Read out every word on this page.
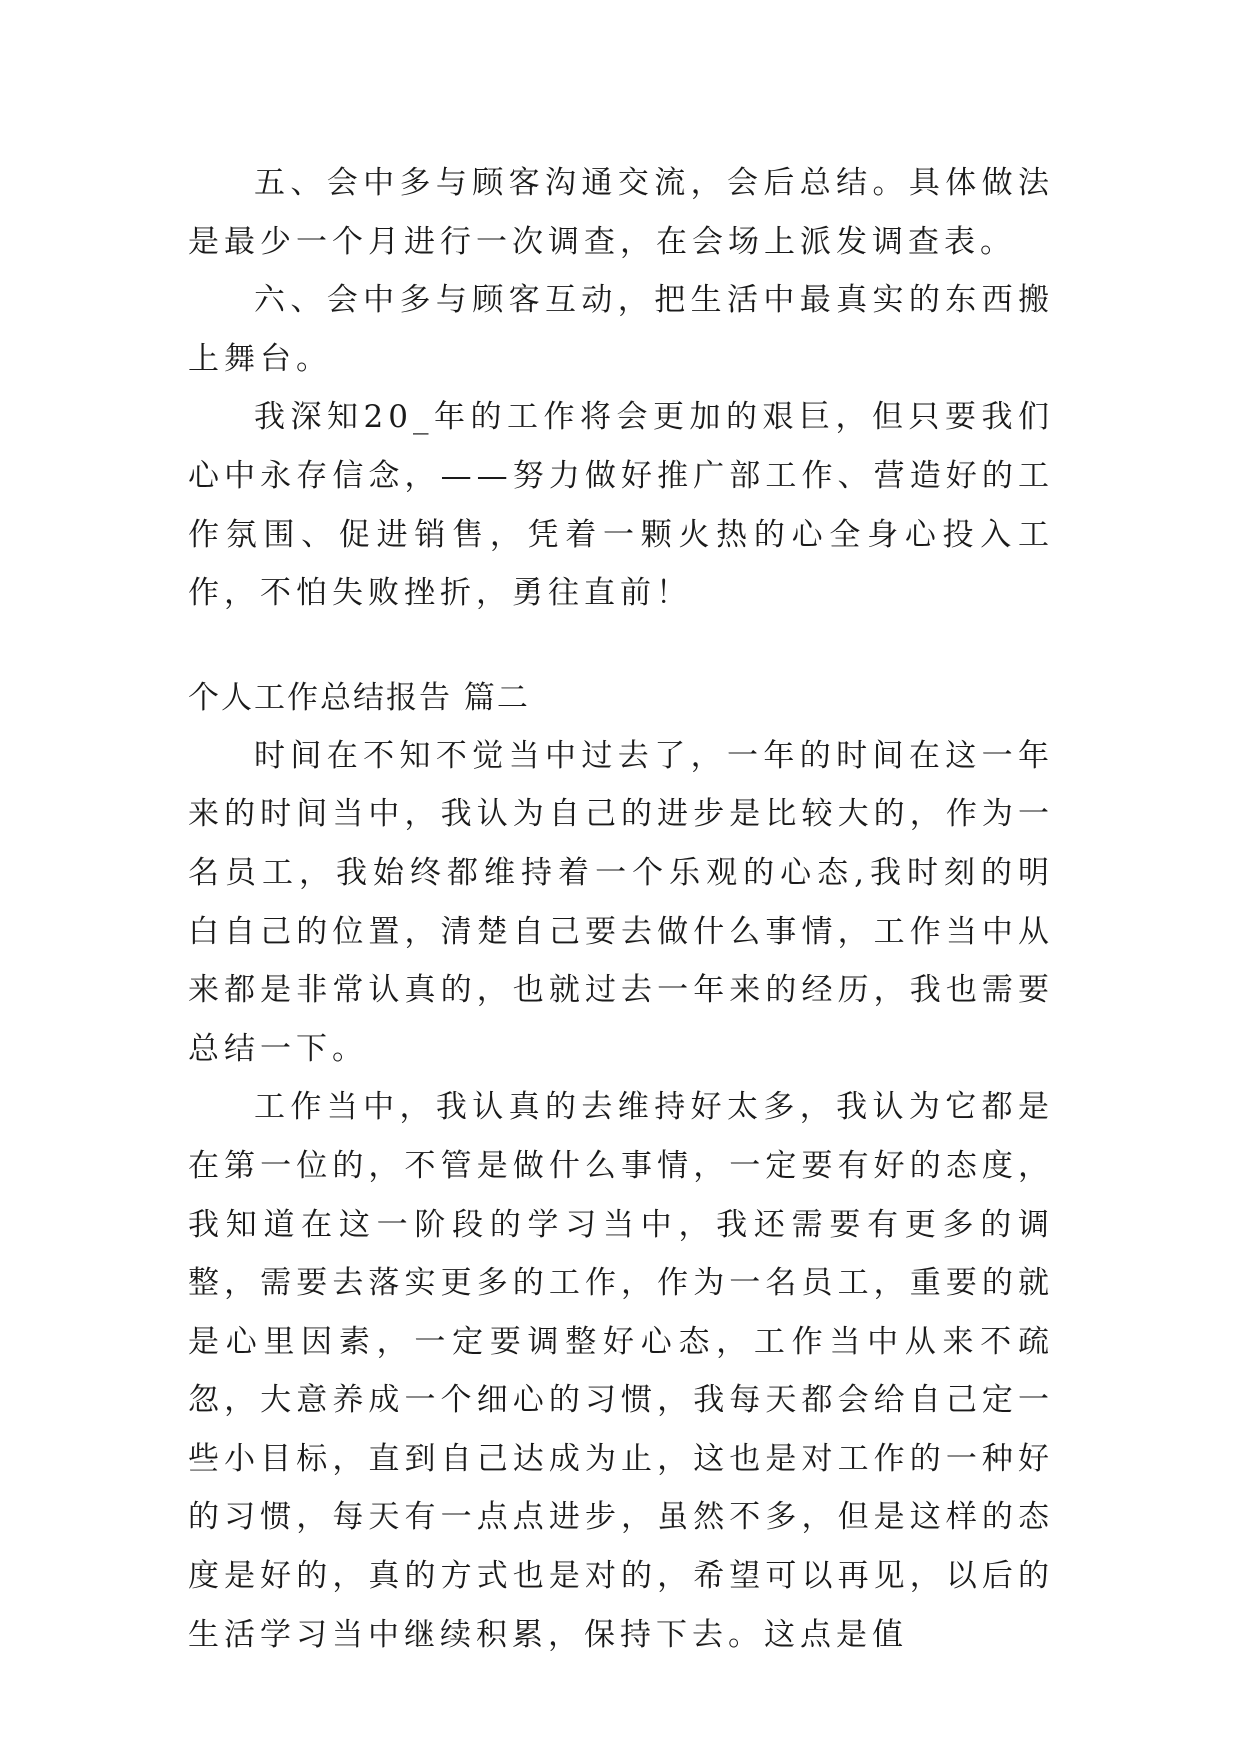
五、会中多与顾客沟通交流，会后总结。具体做法是最少一个月进行一次调查，在会场上派发调查表。

六、会中多与顾客互动，把生活中最真实的东西搬上舞台。

我深知20_年的工作将会更加的艰巨，但只要我们心中永存信念，——努力做好推广部工作、营造好的工作氛围、促进销售，凭着一颗火热的心全身心投入工作，不怕失败挫折，勇往直前！

个人工作总结报告 篇二

时间在不知不觉当中过去了，一年的时间在这一年来的时间当中，我认为自己的进步是比较大的，作为一名员工，我始终都维持着一个乐观的心态,我时刻的明白自己的位置，清楚自己要去做什么事情，工作当中从来都是非常认真的，也就过去一年来的经历，我也需要总结一下。

工作当中，我认真的去维持好太多，我认为它都是在第一位的，不管是做什么事情，一定要有好的态度，我知道在这一阶段的学习当中，我还需要有更多的调整，需要去落实更多的工作，作为一名员工，重要的就是心里因素，一定要调整好心态，工作当中从来不疏忽，大意养成一个细心的习惯，我每天都会给自己定一些小目标，直到自己达成为止，这也是对工作的一种好的习惯，每天有一点点进步，虽然不多，但是这样的态度是好的，真的方式也是对的，希望可以再见，以后的生活学习当中继续积累，保持下去。这点是值
